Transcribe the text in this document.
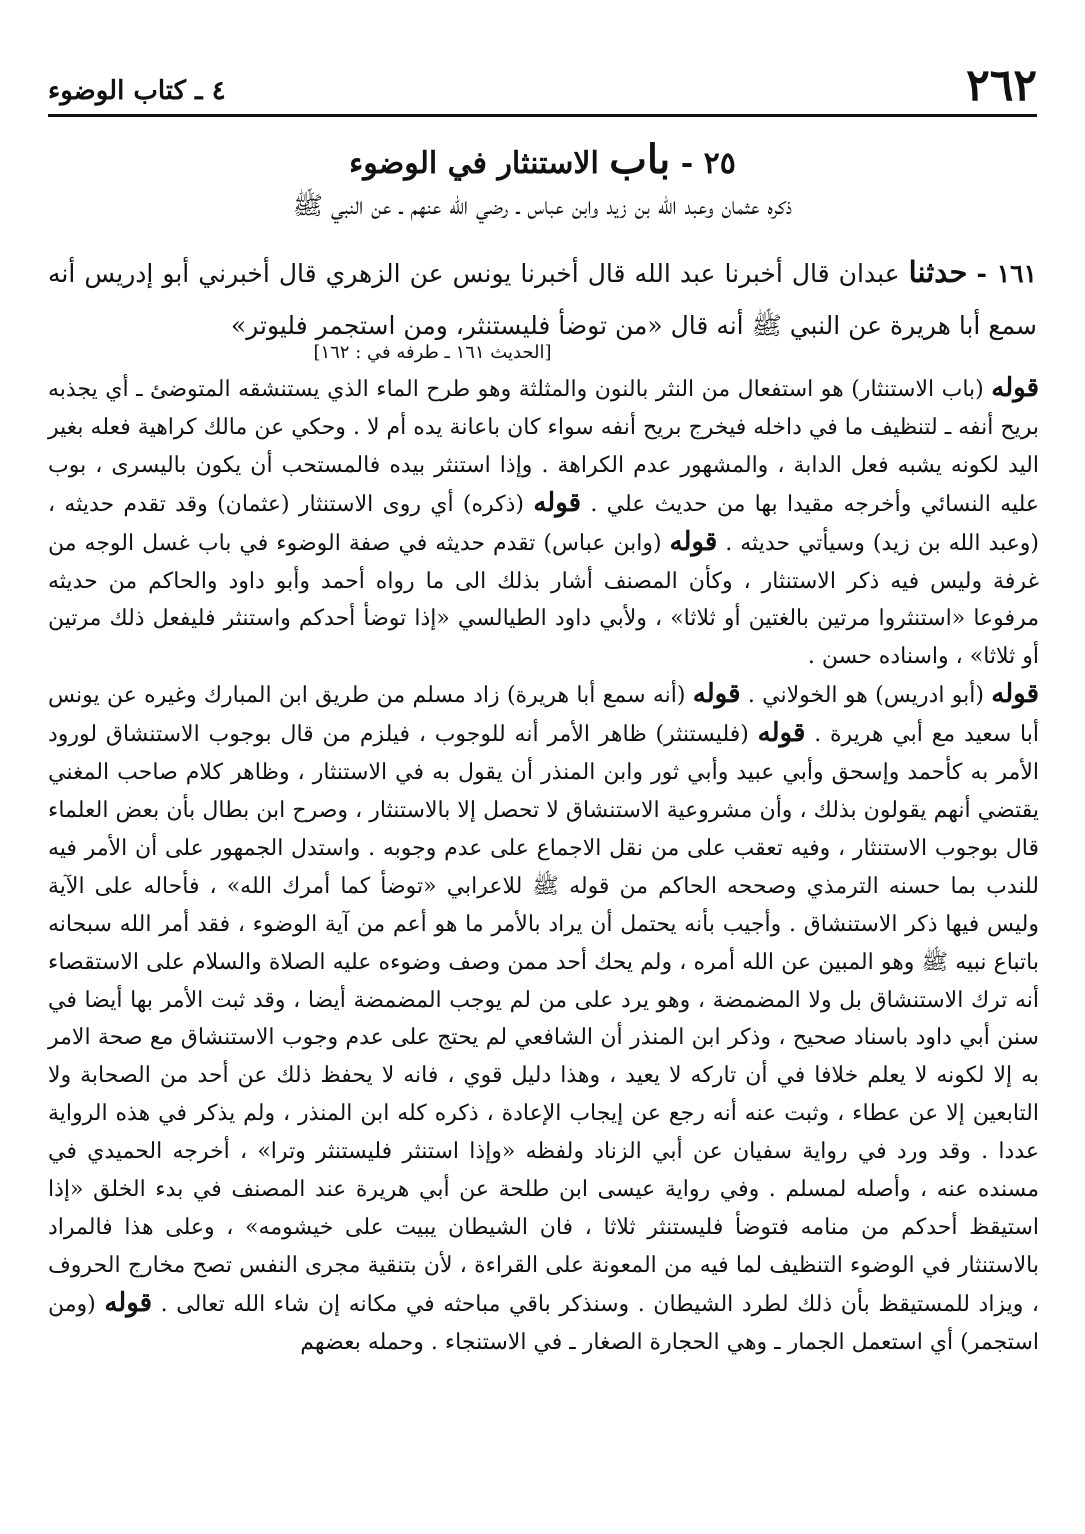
٢٦٢
٤ ـ كتاب الوضوء
٢٥ - باب الاستنثار في الوضوء
ذكره عثمان وعبد الله بن زيد وابن عباس ـ رضي الله عنهم ـ عن النبي ﷺ
١٦١ - حدثنا عبدان قال أخبرنا عبد الله قال أخبرنا يونس عن الزهري قال أخبرني أبو إدريس أنه سمع أبا هريرة عن النبي ﷺ أنه قال «من توضأ فليستنثر، ومن استجمر فليوتر»
[الحديث ١٦١ ـ طرفه في : ١٦٢]
قوله (باب الاستنثار) هو استفعال من النثر بالنون والمثلثة وهو طرح الماء الذي يستنشقه المتوضئ ـ أي يجذبه بريح أنفه ـ لتنظيف ما في داخله فيخرج بريح أنفه سواء كان باعانة يده أم لا . وحكي عن مالك كراهية فعله بغير اليد لكونه يشبه فعل الدابة ، والمشهور عدم الكراهة . وإذا استنثر بيده فالمستحب أن يكون باليسرى ، بوب عليه النسائي وأخرجه مقيدا بها من حديث علي . قوله (ذكره) أي روى الاستنثار (عثمان) وقد تقدم حديثه ، (وعبد الله بن زيد) وسيأتي حديثه . قوله (وابن عباس) تقدم حديثه في صفة الوضوء في باب غسل الوجه من غرفة وليس فيه ذكر الاستنثار ، وكأن المصنف أشار بذلك الى ما رواه أحمد وأبو داود والحاكم من حديثه مرفوعا «استنثروا مرتين بالغتين أو ثلاثا» ، ولأبي داود الطيالسي «إذا توضأ أحدكم واستنثر فليفعل ذلك مرتين أو ثلاثا» ، واسناده حسن .
قوله (أبو ادريس) هو الخولاني . قوله (أنه سمع أبا هريرة) زاد مسلم من طريق ابن المبارك وغيره عن يونس أبا سعيد مع أبي هريرة . قوله (فليستنثر) ظاهر الأمر أنه للوجوب ، فيلزم من قال بوجوب الاستنشاق لورود الأمر به كأحمد وإسحق وأبي عبيد وأبي ثور وابن المنذر أن يقول به في الاستنثار ، وظاهر كلام صاحب المغني يقتضي أنهم يقولون بذلك ، وأن مشروعية الاستنشاق لا تحصل إلا بالاستنثار ، وصرح ابن بطال بأن بعض العلماء قال بوجوب الاستنثار ، وفيه تعقب على من نقل الاجماع على عدم وجوبه . واستدل الجمهور على أن الأمر فيه للندب بما حسنه الترمذي وصححه الحاكم من قوله ﷺ للاعرابي «توضأ كما أمرك الله» ، فأحاله على الآية وليس فيها ذكر الاستنشاق . وأجيب بأنه يحتمل أن يراد بالأمر ما هو أعم من آية الوضوء ، فقد أمر الله سبحانه باتباع نبيه ﷺ وهو المبين عن الله أمره ، ولم يحك أحد ممن وصف وضوءه عليه الصلاة والسلام على الاستقصاء أنه ترك الاستنشاق بل ولا المضمضة ، وهو يرد على من لم يوجب المضمضة أيضا ، وقد ثبت الأمر بها أيضا في سنن أبي داود باسناد صحيح ، وذكر ابن المنذر أن الشافعي لم يحتج على عدم وجوب الاستنشاق مع صحة الامر به إلا لكونه لا يعلم خلافا في أن تاركه لا يعيد ، وهذا دليل قوي ، فانه لا يحفظ ذلك عن أحد من الصحابة ولا التابعين إلا عن عطاء ، وثبت عنه أنه رجع عن إيجاب الإعادة ، ذكره كله ابن المنذر ، ولم يذكر في هذه الرواية عددا . وقد ورد في رواية سفيان عن أبي الزناد ولفظه «وإذا استنثر فليستنثر وترا» ، أخرجه الحميدي في مسنده عنه ، وأصله لمسلم . وفي رواية عيسى ابن طلحة عن أبي هريرة عند المصنف في بدء الخلق «إذا استيقظ أحدكم من منامه فتوضأ فليستنثر ثلاثا ، فان الشيطان يبيت على خيشومه» ، وعلى هذا فالمراد بالاستنثار في الوضوء التنظيف لما فيه من المعونة على القراءة ، لأن بتنقية مجرى النفس تصح مخارج الحروف ، ويزاد للمستيقظ بأن ذلك لطرد الشيطان . وسنذكر باقي مباحثه في مكانه إن شاء الله تعالى . قوله (ومن استجمر) أي استعمل الجمار ـ وهي الحجارة الصغار ـ في الاستنجاء . وحمله بعضهم
